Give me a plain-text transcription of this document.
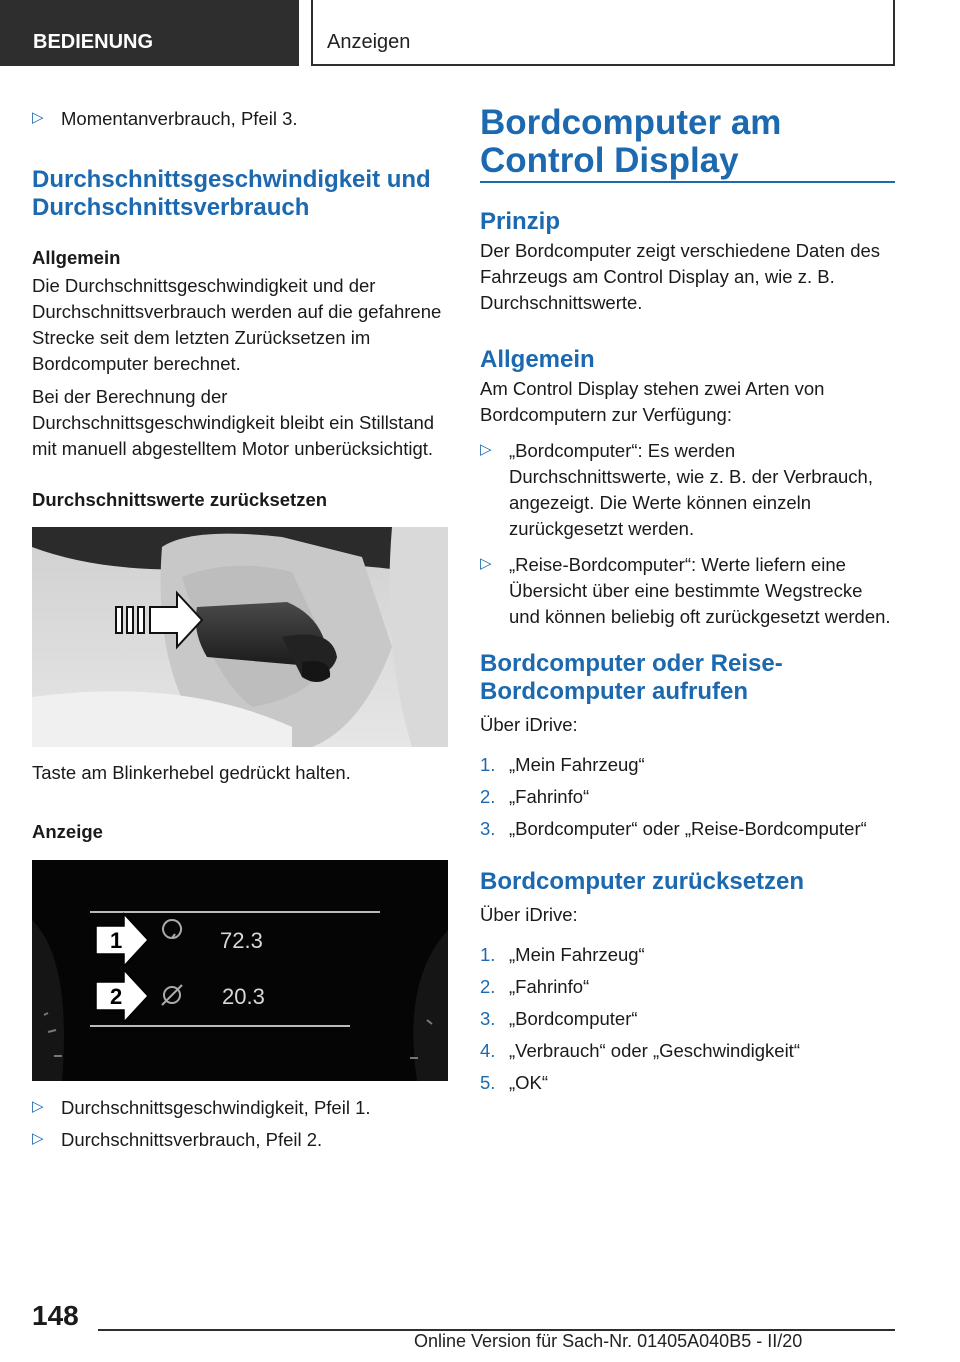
BEDIENUNG	Anzeigen
▷ Momentanverbrauch, Pfeil 3.
Durchschnittsgeschwindigkeit und Durchschnittsverbrauch
Allgemein

Die Durchschnittsgeschwindigkeit und der Durchschnittsverbrauch werden auf die gefahrene Strecke seit dem letzten Zurücksetzen im Bordcomputer berechnet.

Bei der Berechnung der Durchschnittsgeschwindigkeit bleibt ein Stillstand mit manuell abgestelltem Motor unberücksichtigt.

Durchschnittswerte zurücksetzen
Taste am Blinkerhebel gedrückt halten.
Anzeige
1
2
72.3
20.3
▷ Durchschnittsgeschwindigkeit, Pfeil 1.
▷ Durchschnittsverbrauch, Pfeil 2.
Bordcomputer am Control Display
Prinzip

Der Bordcomputer zeigt verschiedene Daten des Fahrzeugs am Control Display an, wie z. B. Durchschnittswerte.

Allgemein

Am Control Display stehen zwei Arten von Bordcomputern zur Verfügung:

▷ „Bordcomputer“: Es werden Durchschnittswerte, wie z. B. der Verbrauch, angezeigt. Die Werte können einzeln zurückgesetzt werden.
▷ „Reise-Bordcomputer“: Werte liefern eine Übersicht über eine bestimmte Wegstrecke und können beliebig oft zurückgesetzt werden.
Bordcomputer oder Reise-Bordcomputer aufrufen

Über iDrive:

1. „Mein Fahrzeug“
2. „Fahrinfo“
3. „Bordcomputer“ oder „Reise-Bordcomputer“
Bordcomputer zurücksetzen

Über iDrive:

1. „Mein Fahrzeug“
2. „Fahrinfo“
3. „Bordcomputer“
4. „Verbrauch“ oder „Geschwindigkeit“
5. „OK“
148
Online Version für Sach-Nr. 01405A040B5 - II/20
